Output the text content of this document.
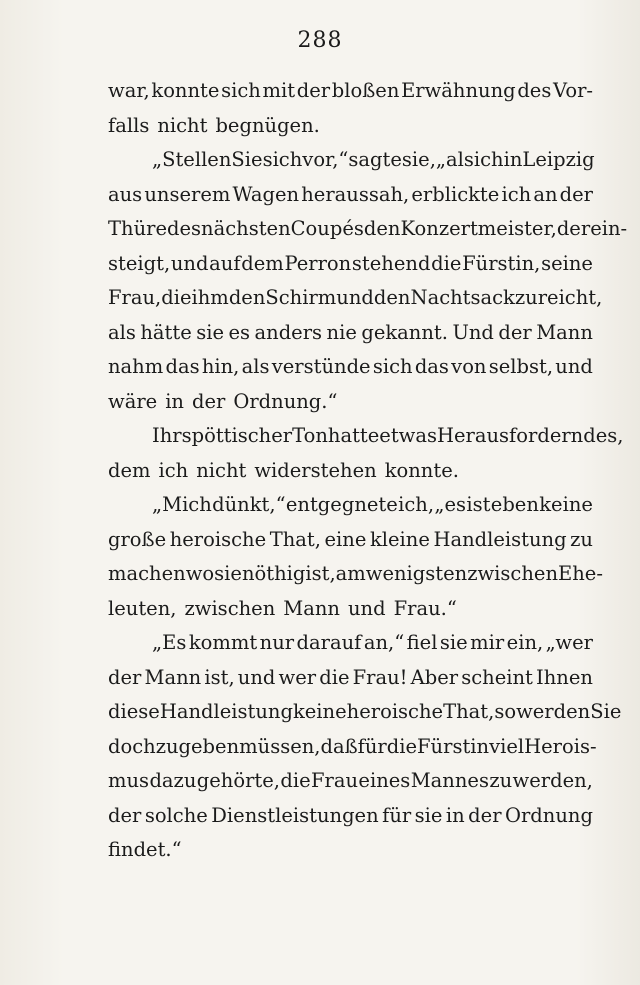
288
war, konnte sich mit der bloßen Erwähnung des Vor-
falls nicht begnügen.
„Stellen Sie sich vor,“ sagte sie, „als ich in Leipzig
aus unserem Wagen heraussah, erblickte ich an der
Thüre des nächsten Coupés den Konzertmeister, der ein-
steigt, und auf dem Perron stehend die Fürstin, seine
Frau, die ihm den Schirm und den Nachtsack zureicht,
als hätte sie es anders nie gekannt. Und der Mann
nahm das hin, als verstünde sich das von selbst, und
wäre in der Ordnung.“
Ihr spöttischer Ton hatte etwas Herausforderndes,
dem ich nicht widerstehen konnte.
„Mich dünkt,“ entgegnete ich, „es ist eben keine
große heroische That, eine kleine Handleistung zu
machen wo sie nöthig ist, am wenigsten zwischen Ehe-
leuten, zwischen Mann und Frau.“
„Es kommt nur darauf an,“ fiel sie mir ein, „wer
der Mann ist, und wer die Frau! Aber scheint Ihnen
diese Handleistung keine heroische That, so werden Sie
doch zugeben müssen, daß für die Fürstin viel Herois-
mus dazu gehörte, die Frau eines Mannes zu werden,
der solche Dienstleistungen für sie in der Ordnung
findet.“
